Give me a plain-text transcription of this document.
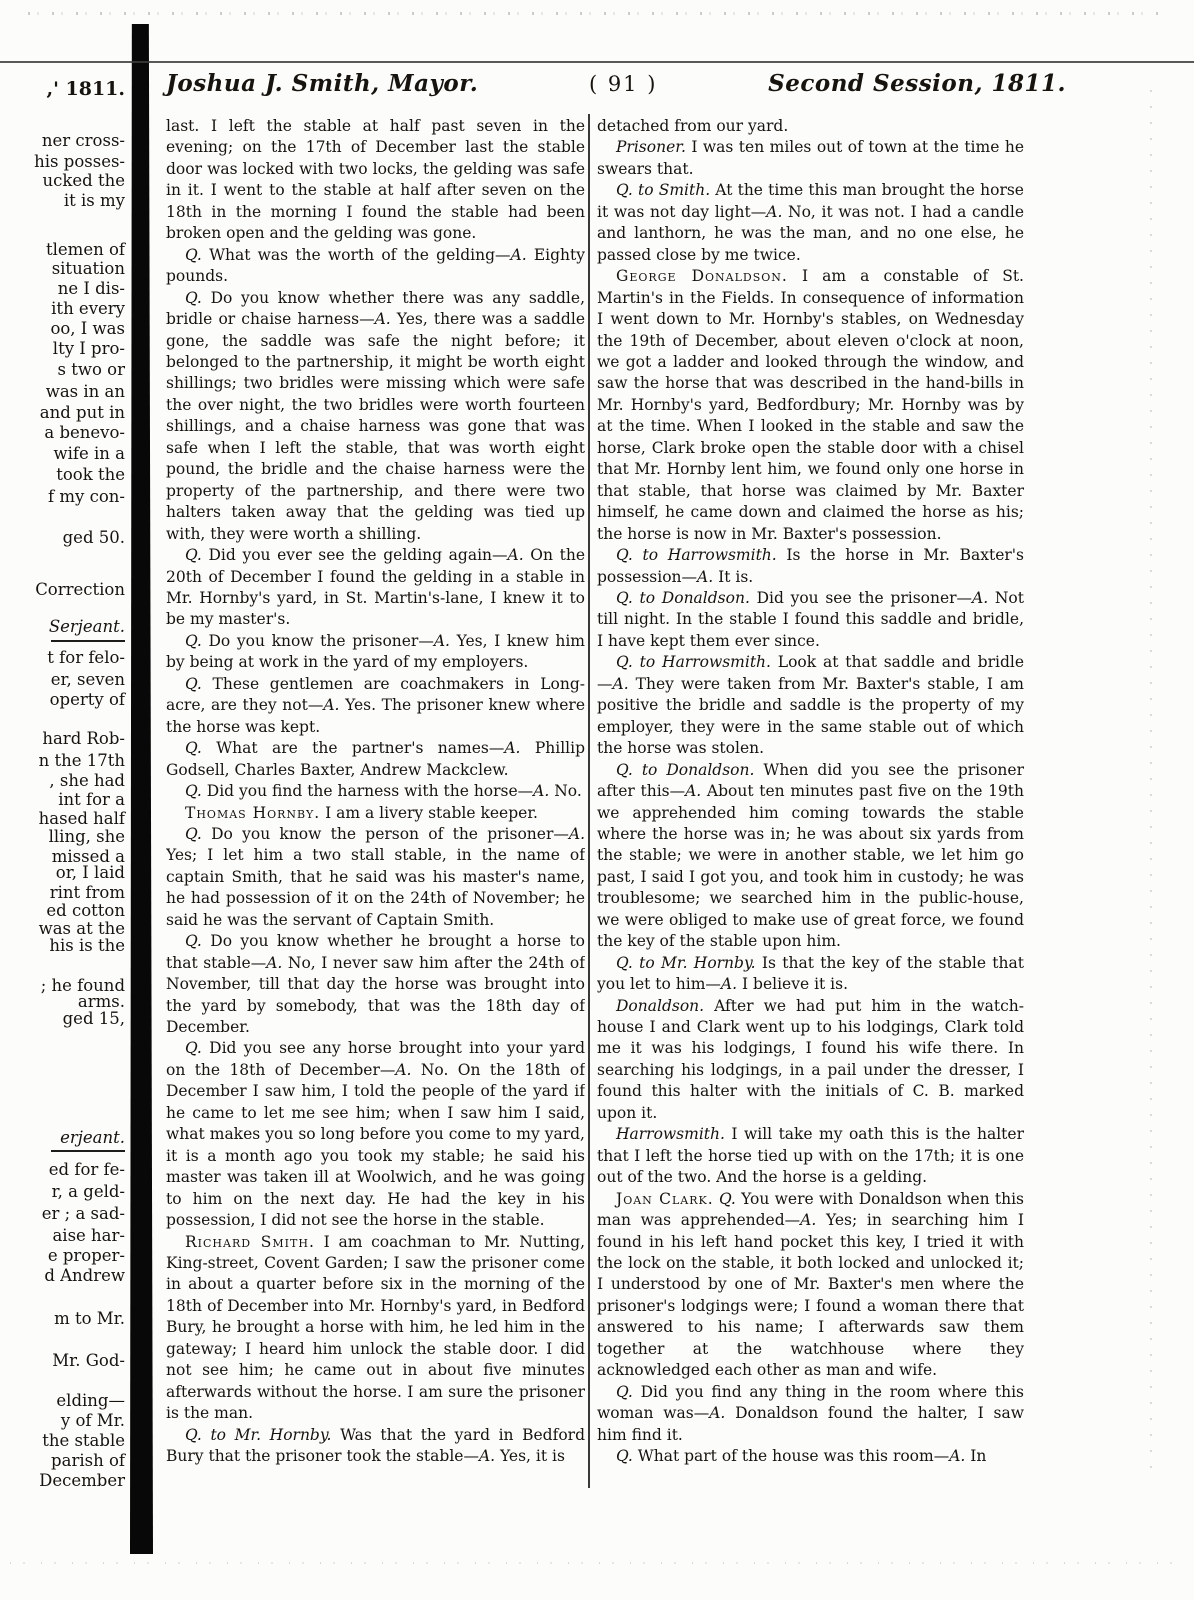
,' 1811.
ner cross-
his posses-
ucked the
it is my
tlemen of
situation
ne I dis-
ith every
oo, I was
lty I pro-
s two or
was in an
and put in
a benevo-
wife in a
took the
f my con-
ged 50.
Correction
Serjeant.
t for felo-
er, seven
operty of
hard Rob-
n the 17th
, she had
int for a
hased half
lling, she
missed a
or, I laid
rint from
ed cotton
was at the
his is the
; he found
arms.
ged 15,
erjeant.
ed for fe-
r, a geld-
er ; a sad-
aise har-
e proper-
d Andrew
m to Mr.
Mr. God-
elding—
y of Mr.
the stable
parish of
December
Joshua J. Smith, Mayor.	( 91 )	Second Session, 1811.

last. I left the stable at half past seven in the evening; on the 17th of December last the stable door was locked with two locks, the gelding was safe in it. I went to the stable at half after seven on the 18th in the morning I found the stable had been broken open and the gelding was gone.

Q. What was the worth of the gelding—A. Eighty pounds.

Q. Do you know whether there was any saddle, bridle or chaise harness—A. Yes, there was a saddle gone, the saddle was safe the night before; it belonged to the partnership, it might be worth eight shillings; two bridles were missing which were safe the over night, the two bridles were worth fourteen shillings, and a chaise harness was gone that was safe when I left the stable, that was worth eight pound, the bridle and the chaise harness were the property of the partnership, and there were two halters taken away that the gelding was tied up with, they were worth a shilling.

Q. Did you ever see the gelding again—A. On the 20th of December I found the gelding in a stable in Mr. Hornby's yard, in St. Martin's-lane, I knew it to be my master's.

Q. Do you know the prisoner—A. Yes, I knew him by being at work in the yard of my employers.

Q. These gentlemen are coachmakers in Long-acre, are they not—A. Yes. The prisoner knew where the horse was kept.

Q. What are the partner's names—A. Phillip Godsell, Charles Baxter, Andrew Mackclew.

Q. Did you find the harness with the horse—A. No.

Thomas Hornby. I am a livery stable keeper.

Q. Do you know the person of the prisoner—A. Yes; I let him a two stall stable, in the name of captain Smith, that he said was his master's name, he had possession of it on the 24th of November; he said he was the servant of Captain Smith.

Q. Do you know whether he brought a horse to that stable—A. No, I never saw him after the 24th of November, till that day the horse was brought into the yard by somebody, that was the 18th day of December.

Q. Did you see any horse brought into your yard on the 18th of December—A. No. On the 18th of December I saw him, I told the people of the yard if he came to let me see him; when I saw him I said, what makes you so long before you come to my yard, it is a month ago you took my stable; he said his master was taken ill at Woolwich, and he was going to him on the next day. He had the key in his possession, I did not see the horse in the stable.

Richard Smith. I am coachman to Mr. Nutting, King-street, Covent Garden; I saw the prisoner come in about a quarter before six in the morning of the 18th of December into Mr. Hornby's yard, in Bedford Bury, he brought a horse with him, he led him in the gateway; I heard him unlock the stable door. I did not see him; he came out in about five minutes afterwards without the horse. I am sure the prisoner is the man.

Q. to Mr. Hornby. Was that the yard in Bedford Bury that the prisoner took the stable—A. Yes, it is

detached from our yard.

Prisoner. I was ten miles out of town at the time he swears that.

Q. to Smith. At the time this man brought the horse it was not day light—A. No, it was not. I had a candle and lanthorn, he was the man, and no one else, he passed close by me twice.

George Donaldson. I am a constable of St. Martin's in the Fields. In consequence of information I went down to Mr. Hornby's stables, on Wednesday the 19th of December, about eleven o'clock at noon, we got a ladder and looked through the window, and saw the horse that was described in the hand-bills in Mr. Hornby's yard, Bedfordbury; Mr. Hornby was by at the time. When I looked in the stable and saw the horse, Clark broke open the stable door with a chisel that Mr. Hornby lent him, we found only one horse in that stable, that horse was claimed by Mr. Baxter himself, he came down and claimed the horse as his; the horse is now in Mr. Baxter's possession.

Q. to Harrowsmith. Is the horse in Mr. Baxter's possession—A. It is.

Q. to Donaldson. Did you see the prisoner—A. Not till night. In the stable I found this saddle and bridle, I have kept them ever since.

Q. to Harrowsmith. Look at that saddle and bridle —A. They were taken from Mr. Baxter's stable, I am positive the bridle and saddle is the property of my employer, they were in the same stable out of which the horse was stolen.

Q. to Donaldson. When did you see the prisoner after this—A. About ten minutes past five on the 19th we apprehended him coming towards the stable where the horse was in; he was about six yards from the stable; we were in another stable, we let him go past, I said I got you, and took him in custody; he was troublesome; we searched him in the public-house, we were obliged to make use of great force, we found the key of the stable upon him.

Q. to Mr. Hornby. Is that the key of the stable that you let to him—A. I believe it is.

Donaldson. After we had put him in the watch-house I and Clark went up to his lodgings, Clark told me it was his lodgings, I found his wife there. In searching his lodgings, in a pail under the dresser, I found this halter with the initials of C. B. marked upon it.

Harrowsmith. I will take my oath this is the halter that I left the horse tied up with on the 17th; it is one out of the two. And the horse is a gelding.

Joan Clark. Q. You were with Donaldson when this man was apprehended—A. Yes; in searching him I found in his left hand pocket this key, I tried it with the lock on the stable, it both locked and unlocked it; I understood by one of Mr. Baxter's men where the prisoner's lodgings were; I found a woman there that answered to his name; I afterwards saw them together at the watchhouse where they acknowledged each other as man and wife.

Q. Did you find any thing in the room where this woman was—A. Donaldson found the halter, I saw him find it.

Q. What part of the house was this room—A. In
